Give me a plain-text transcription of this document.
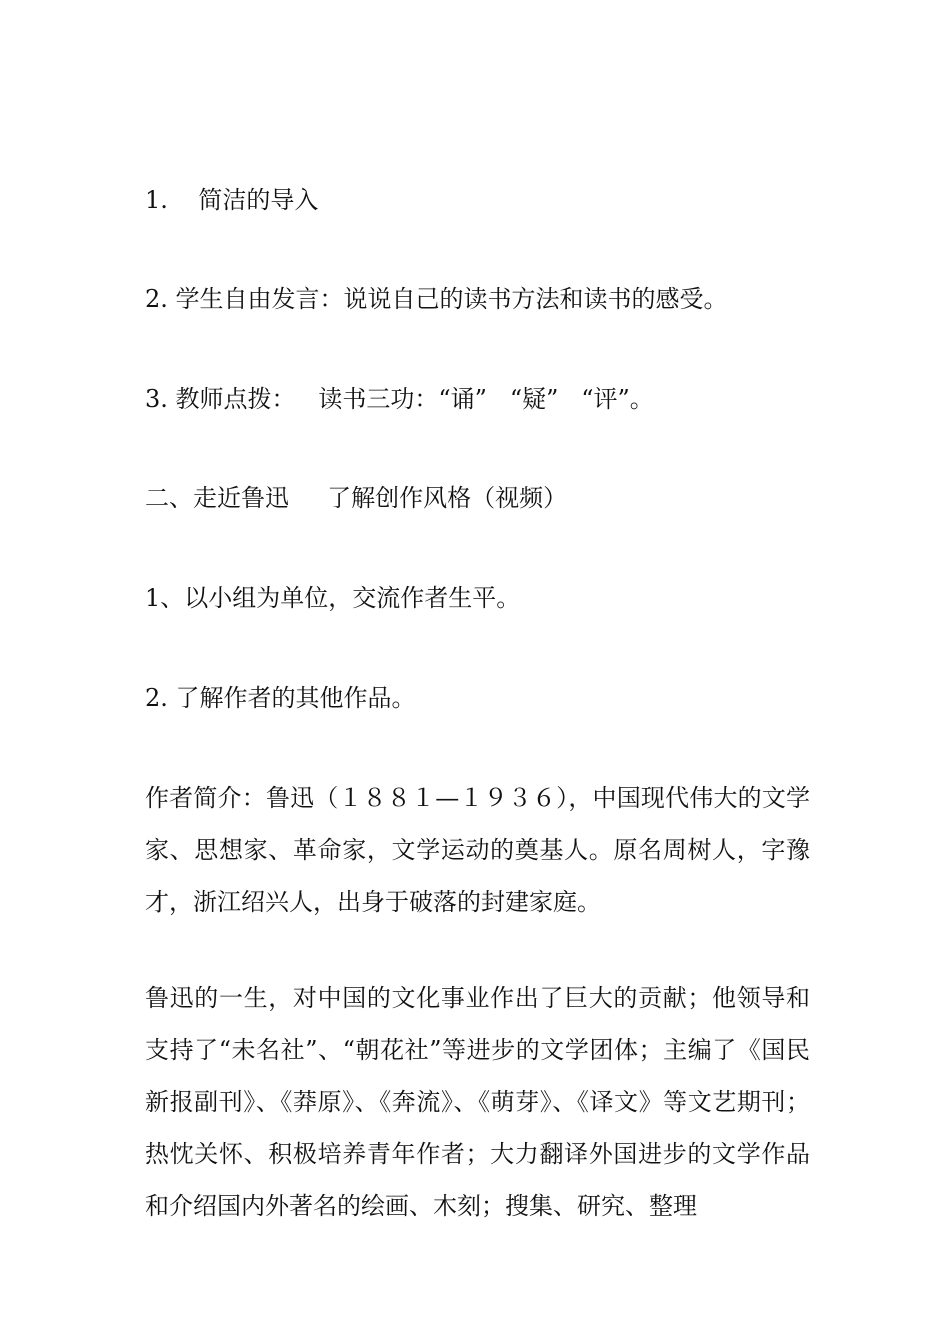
1.    简洁的导入
2. 学生自由发言：说说自己的读书方法和读书的感受。
3. 教师点拨：   读书三功：“诵”   “疑”   “评”。
二、走近鲁迅     了解创作风格（视频）
1、以小组为单位，交流作者生平。
2. 了解作者的其他作品。
作者简介：鲁迅（１８８１—１９３６），中国现代伟大的文学家、思想家、革命家，文学运动的奠基人。原名周树人，字豫才，浙江绍兴人，出身于破落的封建家庭。
鲁迅的一生，对中国的文化事业作出了巨大的贡献；他领导和支持了“未名社”、“朝花社”等进步的文学团体；主编了《国民新报副刊》、《莽原》、《奔流》、《萌芽》、《译文》等文艺期刊；热忱关怀、积极培养青年作者；大力翻译外国进步的文学作品和介绍国内外著名的绘画、木刻；搜集、研究、整理
